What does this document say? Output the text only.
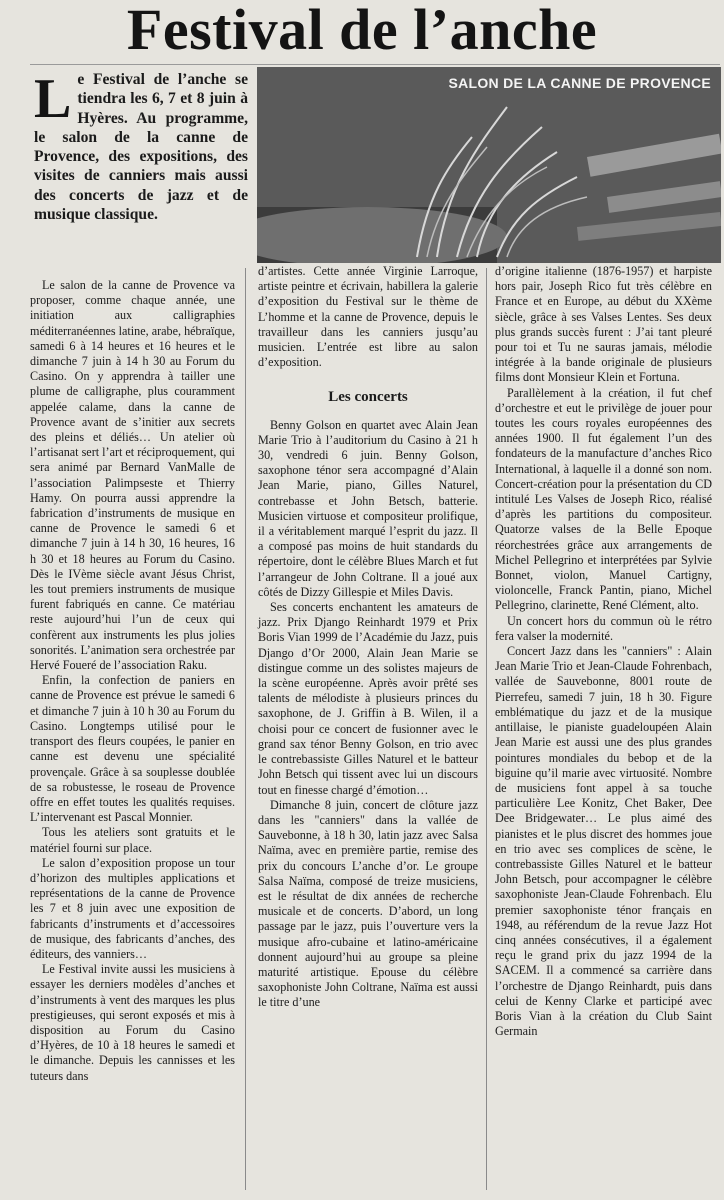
Festival de l’anche
L e Festival de l’anche se tiendra les 6, 7 et 8 juin à Hyères. Au programme, le salon de la canne de Provence, des expositions, des visites de canniers mais aussi des concerts de jazz et de musique classique.
SALON DE LA CANNE DE PROVENCE

Le salon de la canne de Provence va proposer, comme chaque année, une initiation aux calligraphies méditerranéennes latine, arabe, hébraïque, samedi 6 à 14 heures et 16 heures et le dimanche 7 juin à 14 h 30 au Forum du Casino. On y apprendra à tailler une plume de calligraphe, plus couramment appelée calame, dans la canne de Provence avant de s’initier aux secrets des pleins et déliés… Un atelier où l’artisanat sert l’art et réciproquement, qui sera animé par Bernard VanMalle de l’association Palimpseste et Thierry Hamy. On pourra aussi apprendre la fabrication d’instruments de musique en canne de Provence le samedi 6 et dimanche 7 juin à 14 h 30, 16 heures, 16 h 30 et 18 heures au Forum du Casino. Dès le IVème siècle avant Jésus Christ, les tout premiers instruments de musique furent fabriqués en canne. Ce matériau reste aujourd’hui l’un de ceux qui confèrent aux instruments les plus jolies sonorités. L’animation sera orchestrée par Hervé Foueré de l’association Raku.

Enfin, la confection de paniers en canne de Provence est prévue le samedi 6 et dimanche 7 juin à 10 h 30 au Forum du Casino. Longtemps utilisé pour le transport des fleurs coupées, le panier en canne est devenu une spécialité provençale. Grâce à sa souplesse doublée de sa robustesse, le roseau de Provence offre en effet toutes les qualités requises. L’intervenant est Pascal Monnier.

Tous les ateliers sont gratuits et le matériel fourni sur place.

Le salon d’exposition propose un tour d’horizon des multiples applications et représentations de la canne de Provence les 7 et 8 juin avec une exposition de fabricants d’instruments et d’accessoires de musique, des fabricants d’anches, des éditeurs, des vanniers…

Le Festival invite aussi les musiciens à essayer les derniers modèles d’anches et d’instruments à vent des marques les plus prestigieuses, qui seront exposés et mis à disposition au Forum du Casino d’Hyères, de 10 à 18 heures le samedi et le dimanche. Depuis les cannisses et les tuteurs dans

d’artistes. Cette année Virginie Larroque, artiste peintre et écrivain, habillera la galerie d’exposition du Festival sur le thème de L’homme et la canne de Provence, depuis le travailleur dans les canniers jusqu’au musicien. L’entrée est libre au salon d’exposition.

Les concerts

Benny Golson en quartet avec Alain Jean Marie Trio à l’auditorium du Casino à 21 h 30, vendredi 6 juin. Benny Golson, saxophone ténor sera accompagné d’Alain Jean Marie, piano, Gilles Naturel, contrebasse et John Betsch, batterie. Musicien virtuose et compositeur prolifique, il a véritablement marqué l’esprit du jazz. Il a composé pas moins de huit standards du répertoire, dont le célèbre Blues March et fut l’arrangeur de John Coltrane. Il a joué aux côtés de Dizzy Gillespie et Miles Davis.

Ses concerts enchantent les amateurs de jazz. Prix Django Reinhardt 1979 et Prix Boris Vian 1999 de l’Académie du Jazz, puis Django d’Or 2000, Alain Jean Marie se distingue comme un des solistes majeurs de la scène européenne. Après avoir prêté ses talents de mélodiste à plusieurs princes du saxophone, de J. Griffin à B. Wilen, il a choisi pour ce concert de fusionner avec le grand sax ténor Benny Golson, en trio avec le contrebassiste Gilles Naturel et le batteur John Betsch qui tissent avec lui un discours tout en finesse chargé d’émotion…

Dimanche 8 juin, concert de clôture jazz dans les "canniers" dans la vallée de Sauvebonne, à 18 h 30, latin jazz avec Salsa Naïma, avec en première partie, remise des prix du concours L’anche d’or. Le groupe Salsa Naïma, composé de treize musiciens, est le résultat de dix années de recherche musicale et de concerts. D’abord, un long passage par le jazz, puis l’ouverture vers la musique afro-cubaine et latino-américaine donnent aujourd’hui au groupe sa pleine maturité artistique. Epouse du célèbre saxophoniste John Coltrane, Naïma est aussi le titre d’une

d’origine italienne (1876-1957) et harpiste hors pair, Joseph Rico fut très célèbre en France et en Europe, au début du XXème siècle, grâce à ses Valses Lentes. Ses deux plus grands succès furent : J’ai tant pleuré pour toi et Tu ne sauras jamais, mélodie intégrée à la bande originale de plusieurs films dont Monsieur Klein et Fortuna.

Parallèlement à la création, il fut chef d’orchestre et eut le privilège de jouer pour toutes les cours royales européennes des années 1900. Il fut également l’un des fondateurs de la manufacture d’anches Rico International, à laquelle il a donné son nom. Concert-création pour la présentation du CD intitulé Les Valses de Joseph Rico, réalisé d’après les partitions du compositeur. Quatorze valses de la Belle Epoque réorchestrées grâce aux arrangements de Michel Pellegrino et interprétées par Sylvie Bonnet, violon, Manuel Cartigny, violoncelle, Franck Pantin, piano, Michel Pellegrino, clarinette, René Clément, alto.

Un concert hors du commun où le rétro fera valser la modernité.

Concert Jazz dans les "canniers" : Alain Jean Marie Trio et Jean-Claude Fohrenbach, vallée de Sauvebonne, 8001 route de Pierrefeu, samedi 7 juin, 18 h 30. Figure emblématique du jazz et de la musique antillaise, le pianiste guadeloupéen Alain Jean Marie est aussi une des plus grandes pointures mondiales du bebop et de la biguine qu’il marie avec virtuosité. Nombre de musiciens font appel à sa touche particulière Lee Konitz, Chet Baker, Dee Dee Bridgewater… Le plus aimé des pianistes et le plus discret des hommes joue en trio avec ses complices de scène, le contrebassiste Gilles Naturel et le batteur John Betsch, pour accompagner le célèbre saxophoniste Jean-Claude Fohrenbach. Elu premier saxophoniste ténor français en 1948, au référendum de la revue Jazz Hot cinq années consécutives, il a également reçu le grand prix du jazz 1994 de la SACEM. Il a commencé sa carrière dans l’orchestre de Django Reinhardt, puis dans celui de Kenny Clarke et participé avec Boris Vian à la création du Club Saint Germain
